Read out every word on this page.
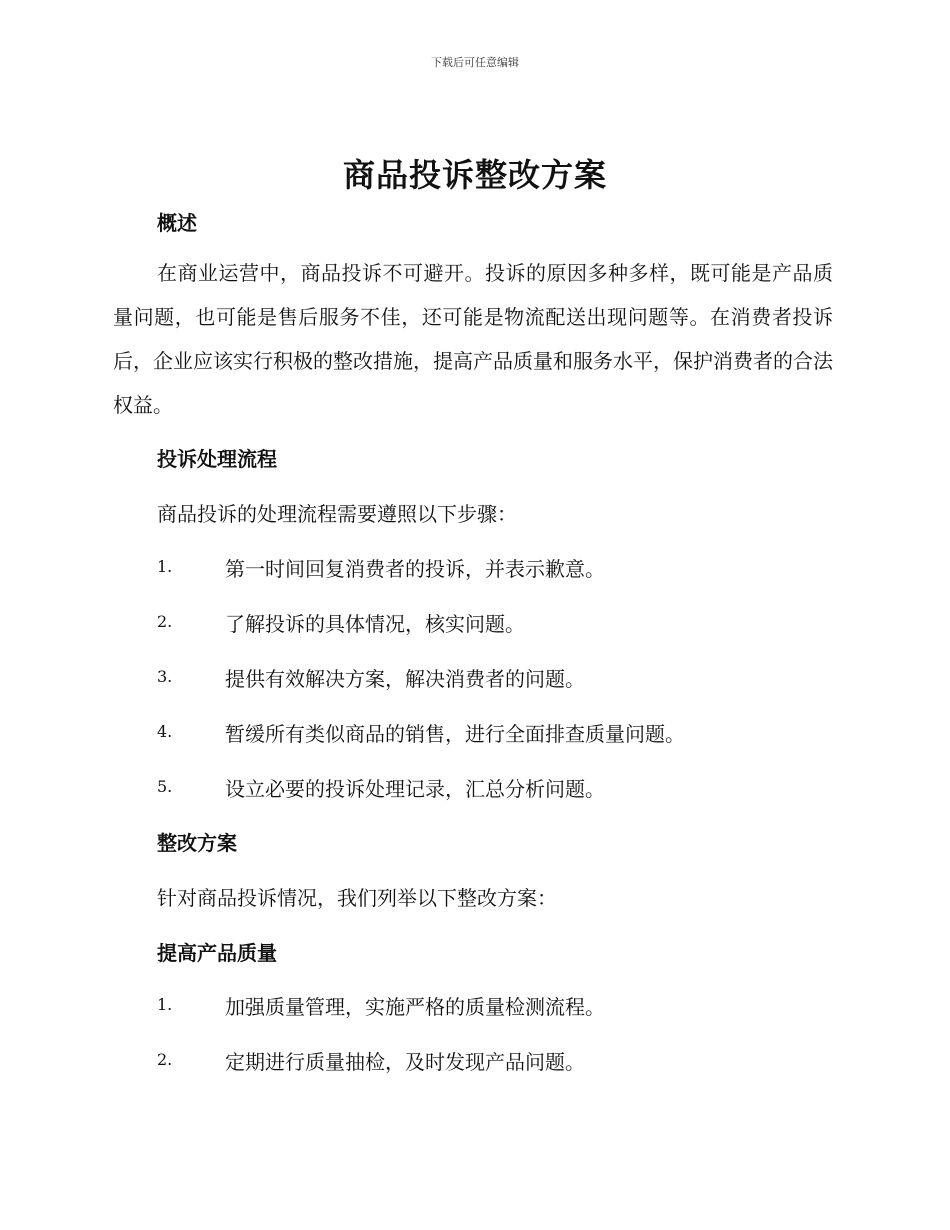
下载后可任意编辑
商品投诉整改方案
概述
在商业运营中，商品投诉不可避开。投诉的原因多种多样，既可能是产品质量问题，也可能是售后服务不佳，还可能是物流配送出现问题等。在消费者投诉后，企业应该实行积极的整改措施，提高产品质量和服务水平，保护消费者的合法权益。
投诉处理流程
商品投诉的处理流程需要遵照以下步骤：
1.	第一时间回复消费者的投诉，并表示歉意。
2.	了解投诉的具体情况，核实问题。
3.	提供有效解决方案，解决消费者的问题。
4.	暂缓所有类似商品的销售，进行全面排查质量问题。
5.	设立必要的投诉处理记录，汇总分析问题。
整改方案
针对商品投诉情况，我们列举以下整改方案：
提高产品质量
1.	加强质量管理，实施严格的质量检测流程。
2.	定期进行质量抽检，及时发现产品问题。
